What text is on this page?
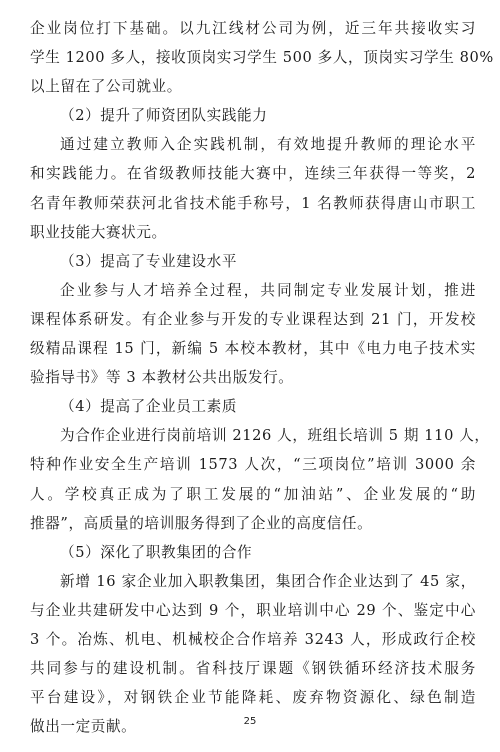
企业岗位打下基础。以九江线材公司为例，近三年共接收实习
学生 1200 多人，接收顶岗实习学生 500 多人，顶岗实习学生 80%
以上留在了公司就业。
（2）提升了师资团队实践能力
通过建立教师入企实践机制，有效地提升教师的理论水平
和实践能力。在省级教师技能大赛中，连续三年获得一等奖，2
名青年教师荣获河北省技术能手称号，1 名教师获得唐山市职工
职业技能大赛状元。
（3）提高了专业建设水平
企业参与人才培养全过程，共同制定专业发展计划，推进
课程体系研发。有企业参与开发的专业课程达到 21 门，开发校
级精品课程 15 门，新编 5 本校本教材，其中《电力电子技术实
验指导书》等 3 本教材公共出版发行。
（4）提高了企业员工素质
为合作企业进行岗前培训 2126 人，班组长培训 5 期 110 人，
特种作业安全生产培训 1573 人次，“三项岗位”培训 3000 余
人。学校真正成为了职工发展的“加油站”、企业发展的“助
推器”，高质量的培训服务得到了企业的高度信任。
（5）深化了职教集团的合作
新增 16 家企业加入职教集团，集团合作企业达到了 45 家，
与企业共建研发中心达到 9 个，职业培训中心 29 个、鉴定中心
3 个。冶炼、机电、机械校企合作培养 3243 人，形成政行企校
共同参与的建设机制。省科技厅课题《钢铁循环经济技术服务
平台建设》，对钢铁企业节能降耗、废弃物资源化、绿色制造
做出一定贡献。	25
